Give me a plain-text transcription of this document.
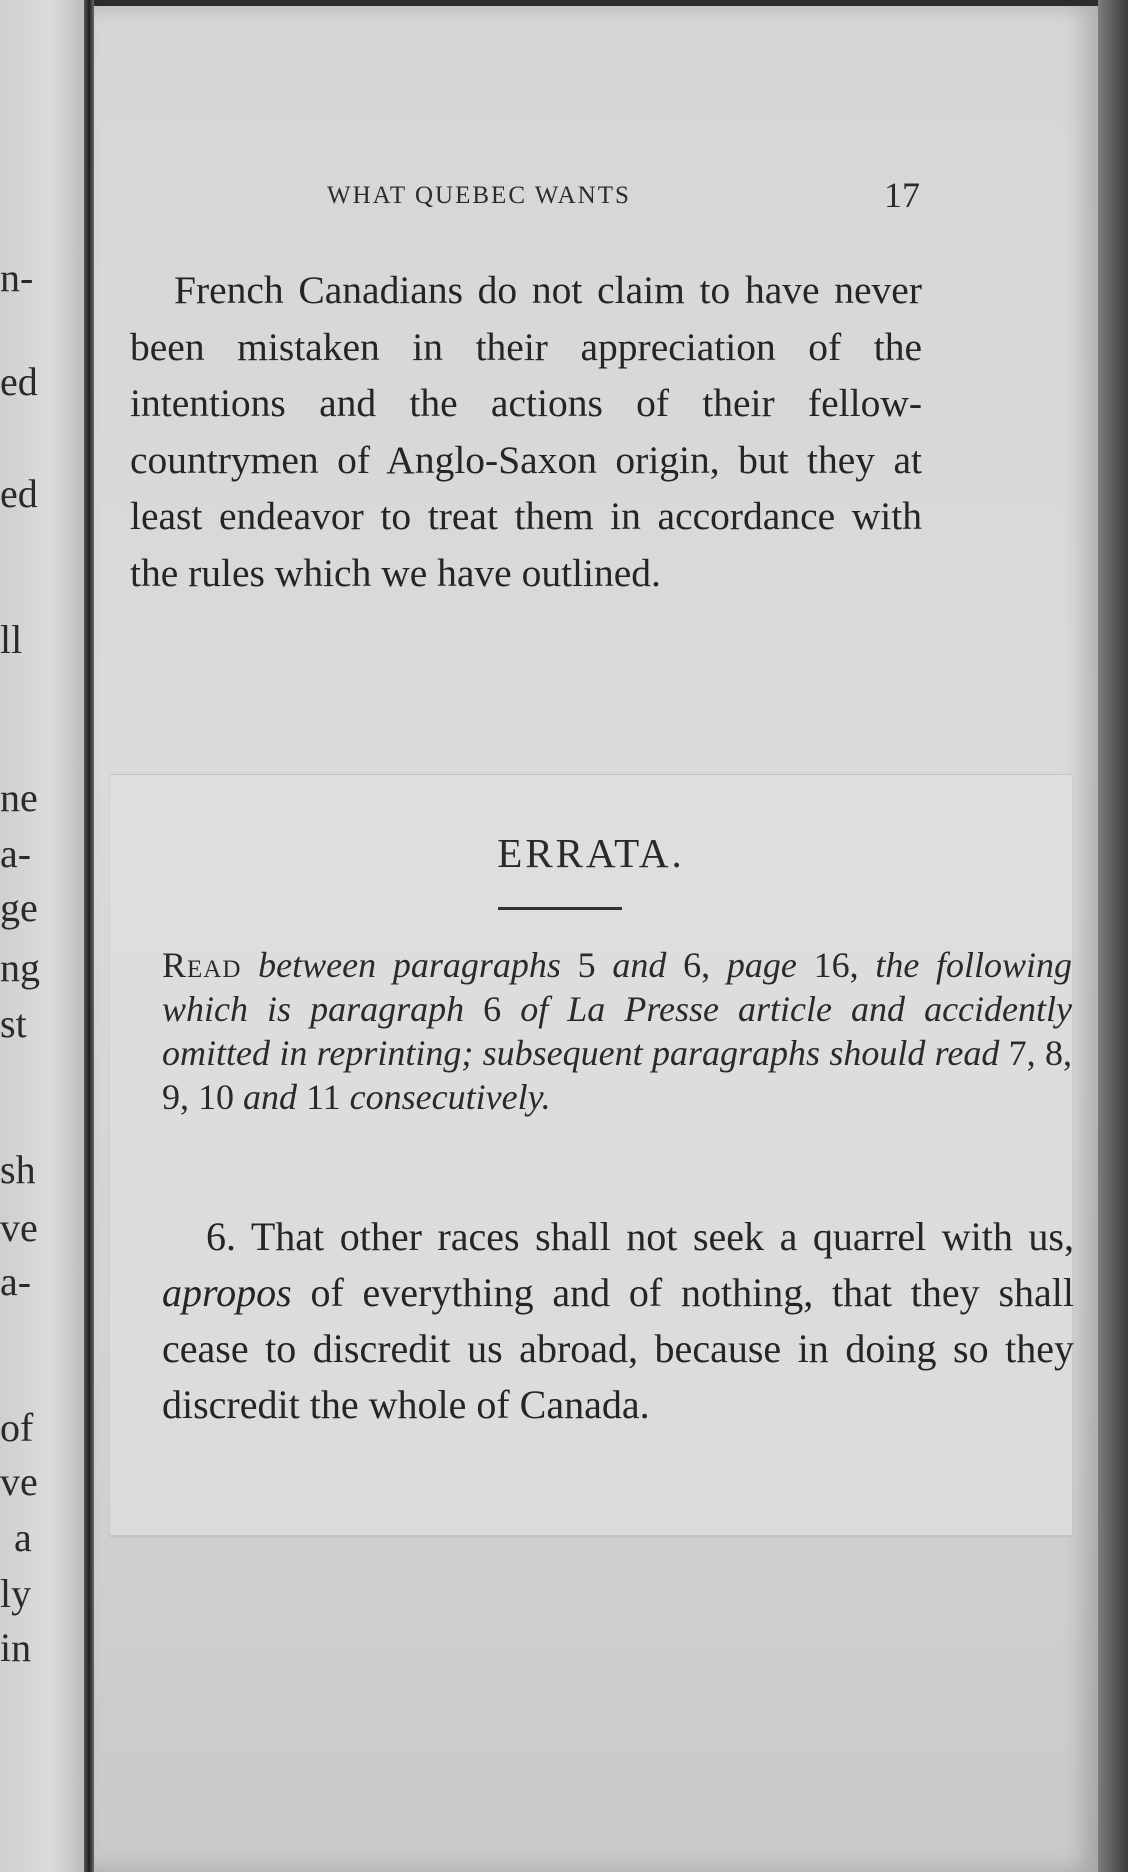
n-
ed
ed
ll
ne
a-
ge
ng
st
sh
ve
a-
of
ve
a
ly
in
WHAT QUEBEC WANTS	17

French Canadians do not claim to have never been mistaken in their appreciation of the intentions and the actions of their fellow-countrymen of Anglo-Saxon origin, but they at least endeavor to treat them in accordance with the rules which we have outlined.

ERRATA.

Read between paragraphs 5 and 6, page 16, the following which is paragraph 6 of La Presse article and accidently omitted in reprinting; subsequent paragraphs should read 7, 8, 9, 10 and 11 consecutively.

6. That other races shall not seek a quarrel with us, apropos of everything and of nothing, that they shall cease to discredit us abroad, because in doing so they discredit the whole of Canada.
